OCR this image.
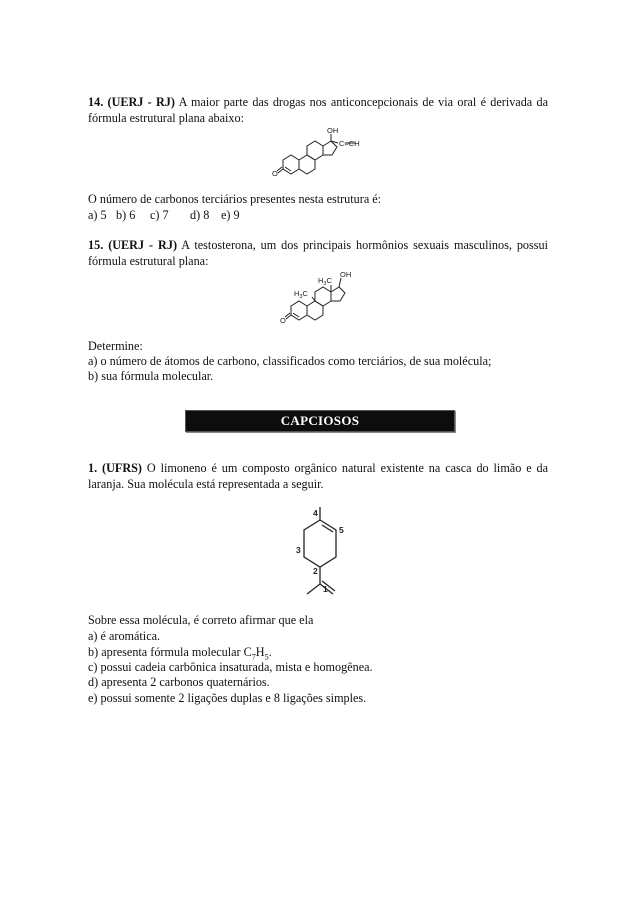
14. (UERJ - RJ) A maior parte das drogas nos anticoncepcionais de via oral é derivada da fórmula estrutural plana abaixo:
OH
C≡CH
O
O número de carbonos terciários presentes nesta estrutura é:
a) 5 b) 6 c) 7 d) 8 e) 9
15. (UERJ - RJ) A testosterona, um dos principais hormônios sexuais masculinos, possui fórmula estrutural plana:
$H_3C$
$H_3C$
OH
O
Determine:
a) o número de átomos de carbono, classificados como terciários, de sua molécula;
b) sua fórmula molecular.
CAPCIOSOS
1. (UFRS) O limoneno é um composto orgânico natural existente na casca do limão e da laranja. Sua molécula está representada a seguir.
4
5
3
2
1
Sobre essa molécula, é correto afirmar que ela
a) é aromática.
b) apresenta fórmula molecular $C_7H_5$.
c) possui cadeia carbônica insaturada, mista e homogênea.
d) apresenta 2 carbonos quaternários.
e) possui somente 2 ligações duplas e 8 ligações simples.
